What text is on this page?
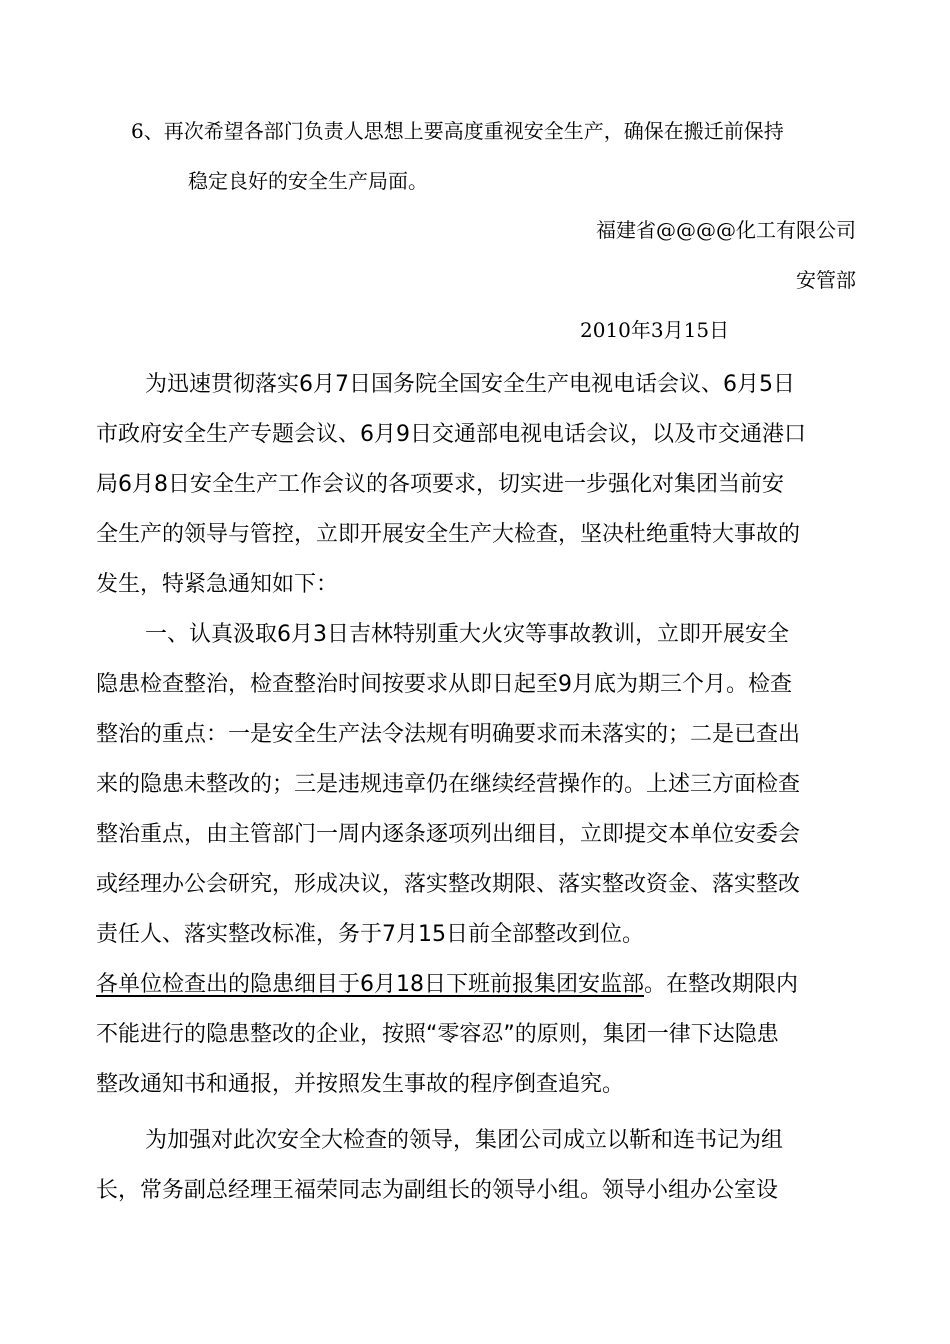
6、再次希望各部门负责人思想上要高度重视安全生产，确保在搬迁前保持

稳定良好的安全生产局面。

福建省@@@@化工有限公司

安管部

2010年3月15日

为迅速贯彻落实6月7日国务院全国安全生产电视电话会议、6月5日

市政府安全生产专题会议、6月9日交通部电视电话会议，以及市交通港口

局6月8日安全生产工作会议的各项要求，切实进一步强化对集团当前安

全生产的领导与管控，立即开展安全生产大检查，坚决杜绝重特大事故的

发生，特紧急通知如下：

一、认真汲取6月3日吉林特别重大火灾等事故教训，立即开展安全

隐患检查整治，检查整治时间按要求从即日起至9月底为期三个月。检查

整治的重点：一是安全生产法令法规有明确要求而未落实的；二是已查出

来的隐患未整改的；三是违规违章仍在继续经营操作的。上述三方面检查

整治重点，由主管部门一周内逐条逐项列出细目，立即提交本单位安委会

或经理办公会研究，形成决议，落实整改期限、落实整改资金、落实整改

责任人、落实整改标准，务于7月15日前全部整改到位。

各单位检查出的隐患细目于6月18日下班前报集团安监部。在整改期限内

不能进行的隐患整改的企业，按照“零容忍”的原则，集团一律下达隐患

整改通知书和通报，并按照发生事故的程序倒查追究。

为加强对此次安全大检查的领导，集团公司成立以靳和连书记为组

长，常务副总经理王福荣同志为副组长的领导小组。领导小组办公室设
